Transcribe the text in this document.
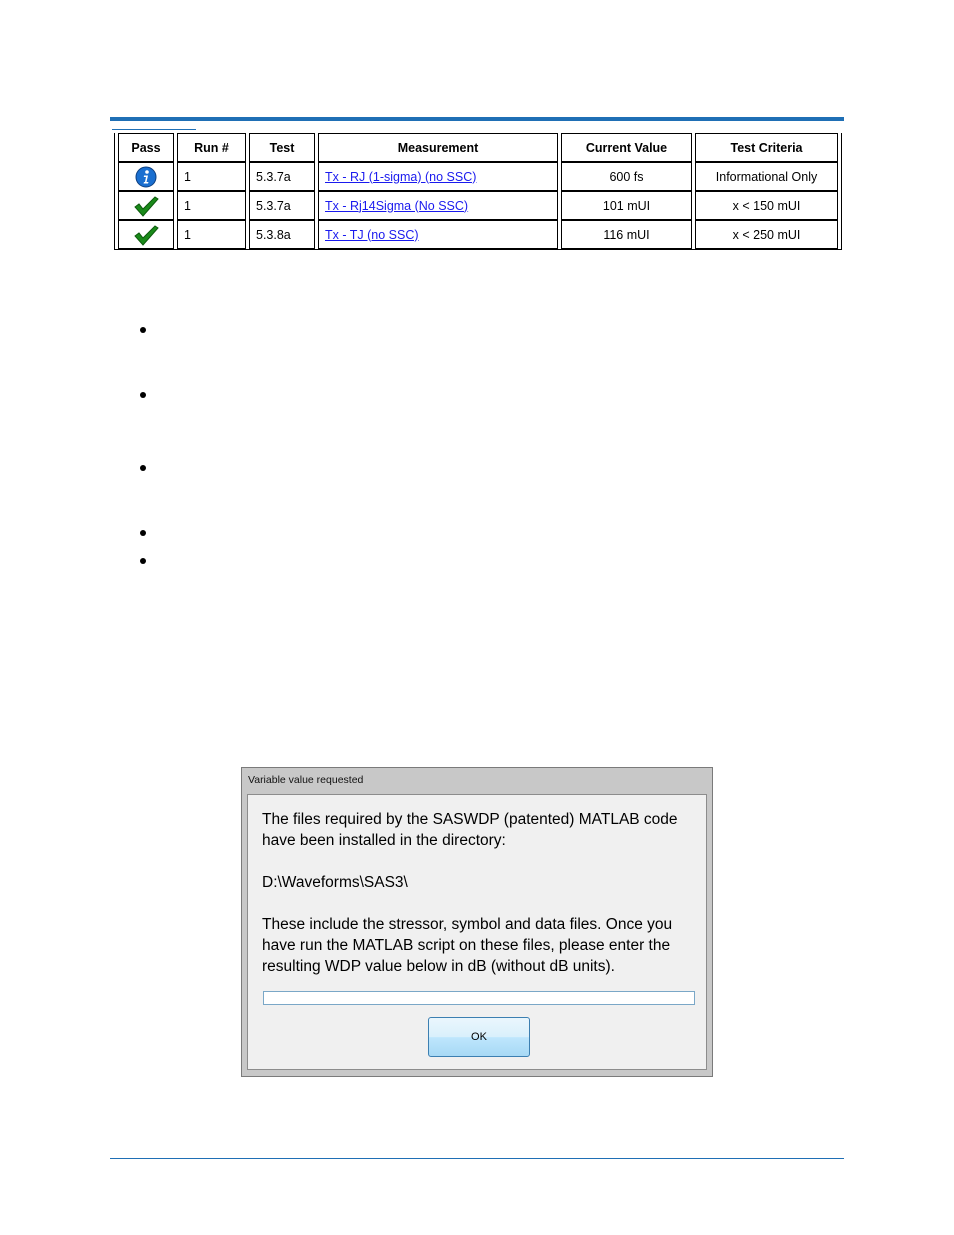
Pass	Run #	Test	Measurement	Current Value	Test Criteria
	1	5.3.7a	Tx - RJ (1-sigma) (no SSC)	600 fs	Informational Only
	1	5.3.7a	Tx - Rj14Sigma (No SSC)	101 mUI	x < 150 mUI
	1	5.3.8a	Tx - TJ (no SSC)	116 mUI	x < 250 mUI
Variable value requested

The files required by the SASWDP (patented) MATLAB code have been installed in the directory:

D:\Waveforms\SAS3\

These include the stressor, symbol and data files. Once you have run the MATLAB script on these files, please enter the resulting WDP value below in dB (without dB units).

OK
